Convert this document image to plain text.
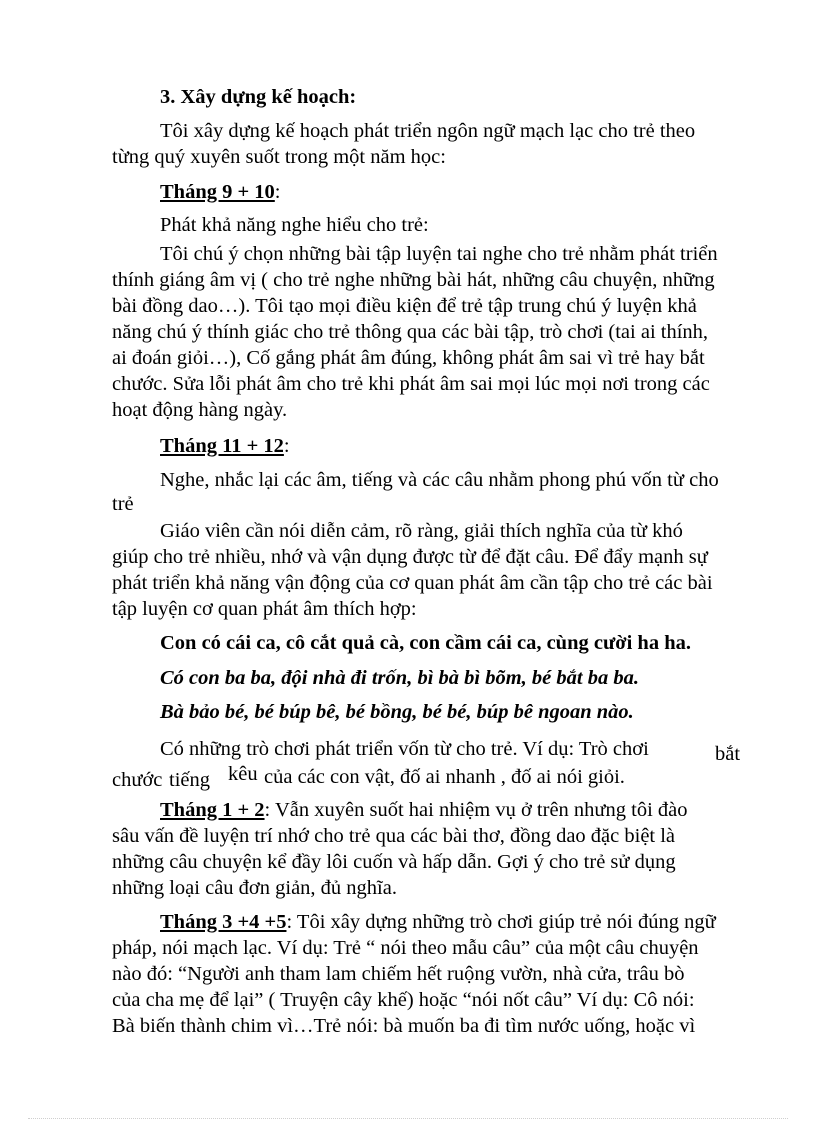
3. Xây dựng kế hoạch:
Tôi xây dựng kế hoạch phát triển ngôn ngữ mạch lạc cho trẻ theo
từng quý xuyên suốt trong một năm học:
Tháng 9 + 10:
Phát khả năng nghe hiểu cho trẻ:
Tôi chú ý chọn những bài tập luyện tai nghe cho trẻ nhằm phát triển
thính giáng âm vị ( cho trẻ nghe những bài hát, những câu chuyện, những
bài đồng dao…). Tôi tạo mọi điều kiện để trẻ tập trung chú ý luyện khả
năng chú ý thính giác cho trẻ thông qua các bài tập, trò chơi (tai ai thính,
ai đoán giỏi…), Cố gắng phát âm đúng, không phát âm sai vì trẻ hay bắt
chước. Sửa lỗi phát âm cho trẻ khi phát âm sai mọi lúc mọi nơi trong các
hoạt động hàng ngày.
Tháng 11 + 12:
Nghe, nhắc lại các âm, tiếng và các câu nhằm phong phú vốn từ cho
trẻ
Giáo viên cần nói diễn cảm, rõ ràng, giải thích nghĩa của từ khó
giúp cho trẻ nhiều, nhớ và vận dụng được từ để đặt câu. Để đẩy mạnh sự
phát triển khả năng vận động của cơ quan phát âm cần tập cho trẻ các bài
tập luyện cơ quan phát âm thích hợp:
Con có cái ca, cô cắt quả cà, con cầm cái ca, cùng cười ha ha.
Có con ba ba, đội nhà đi trốn, bì bà bì bõm, bé bắt ba ba.
Bà bảo bé, bé búp bê, bé bồng, bé bé, búp bê ngoan nào.
Có những trò chơi phát triển vốn từ cho trẻ. Ví dụ: Trò chơi	bắt
chước tiếng kêu của các con vật, đố ai nhanh , đố ai nói giỏi.
Tháng 1 + 2: Vẫn xuyên suốt hai nhiệm vụ ở trên nhưng tôi đào
sâu vấn đề luyện trí nhớ cho trẻ qua các bài thơ, đồng dao đặc biệt là
những câu chuyện kể đầy lôi cuốn và hấp dẫn. Gợi ý cho trẻ sử dụng
những loại câu đơn giản, đủ nghĩa.
Tháng 3 +4 +5: Tôi xây dựng những trò chơi giúp trẻ nói đúng ngữ
pháp, nói mạch lạc. Ví dụ: Trẻ “ nói theo mẫu câu” của một câu chuyện
nào đó: “Người anh tham lam chiếm hết ruộng vườn, nhà cửa, trâu bò
của cha mẹ để lại” ( Truyện cây khế) hoặc “nói nốt câu” Ví dụ: Cô nói:
Bà biến thành chim vì…Trẻ nói: bà muốn ba đi tìm nước uống, hoặc vì
